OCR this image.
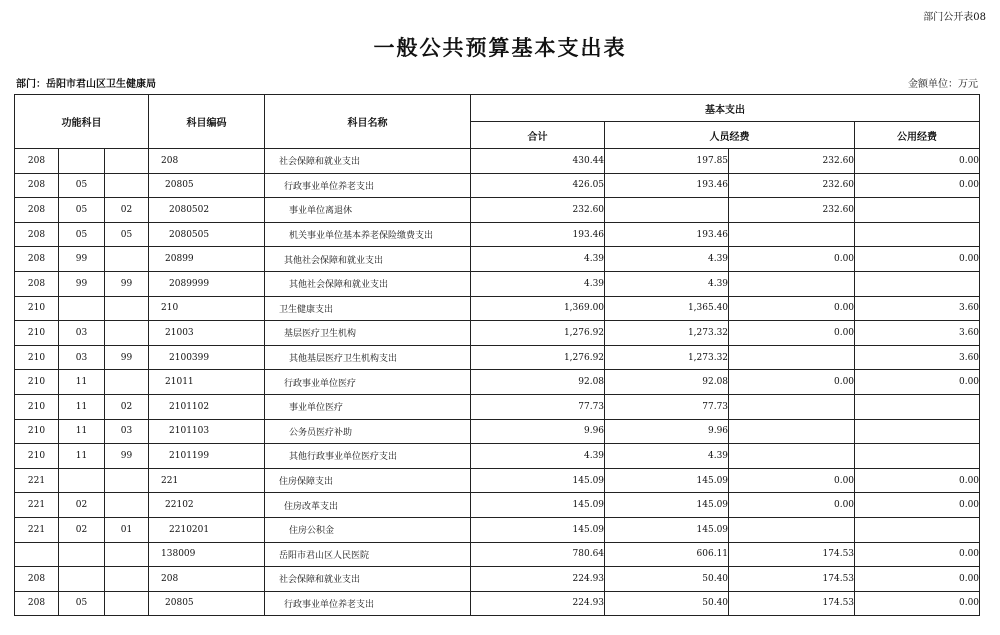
部门公开表08
一般公共预算基本支出表
部门：岳阳市君山区卫生健康局	金额单位：万元
功能科目			科目编码	科目名称	基本支出			
					合计	人员经费		公用经费
208			208	社会保障和就业支出	430.44	197.85	232.60	0.00
208	05		20805	行政事业单位养老支出	426.05	193.46	232.60	0.00
208	05	02	2080502	事业单位离退休	232.60		232.60	
208	05	05	2080505	机关事业单位基本养老保险缴费支出	193.46	193.46		
208	99		20899	其他社会保障和就业支出	4.39	4.39	0.00	0.00
208	99	99	2089999	其他社会保障和就业支出	4.39	4.39		
210			210	卫生健康支出	1,369.00	1,365.40	0.00	3.60
210	03		21003	基层医疗卫生机构	1,276.92	1,273.32	0.00	3.60
210	03	99	2100399	其他基层医疗卫生机构支出	1,276.92	1,273.32		3.60
210	11		21011	行政事业单位医疗	92.08	92.08	0.00	0.00
210	11	02	2101102	事业单位医疗	77.73	77.73		
210	11	03	2101103	公务员医疗补助	9.96	9.96		
210	11	99	2101199	其他行政事业单位医疗支出	4.39	4.39		
221			221	住房保障支出	145.09	145.09	0.00	0.00
221	02		22102	住房改革支出	145.09	145.09	0.00	0.00
221	02	01	2210201	住房公积金	145.09	145.09		
			138009	岳阳市君山区人民医院	780.64	606.11	174.53	0.00
208			208	社会保障和就业支出	224.93	50.40	174.53	0.00
208	05		20805	行政事业单位养老支出	224.93	50.40	174.53	0.00
